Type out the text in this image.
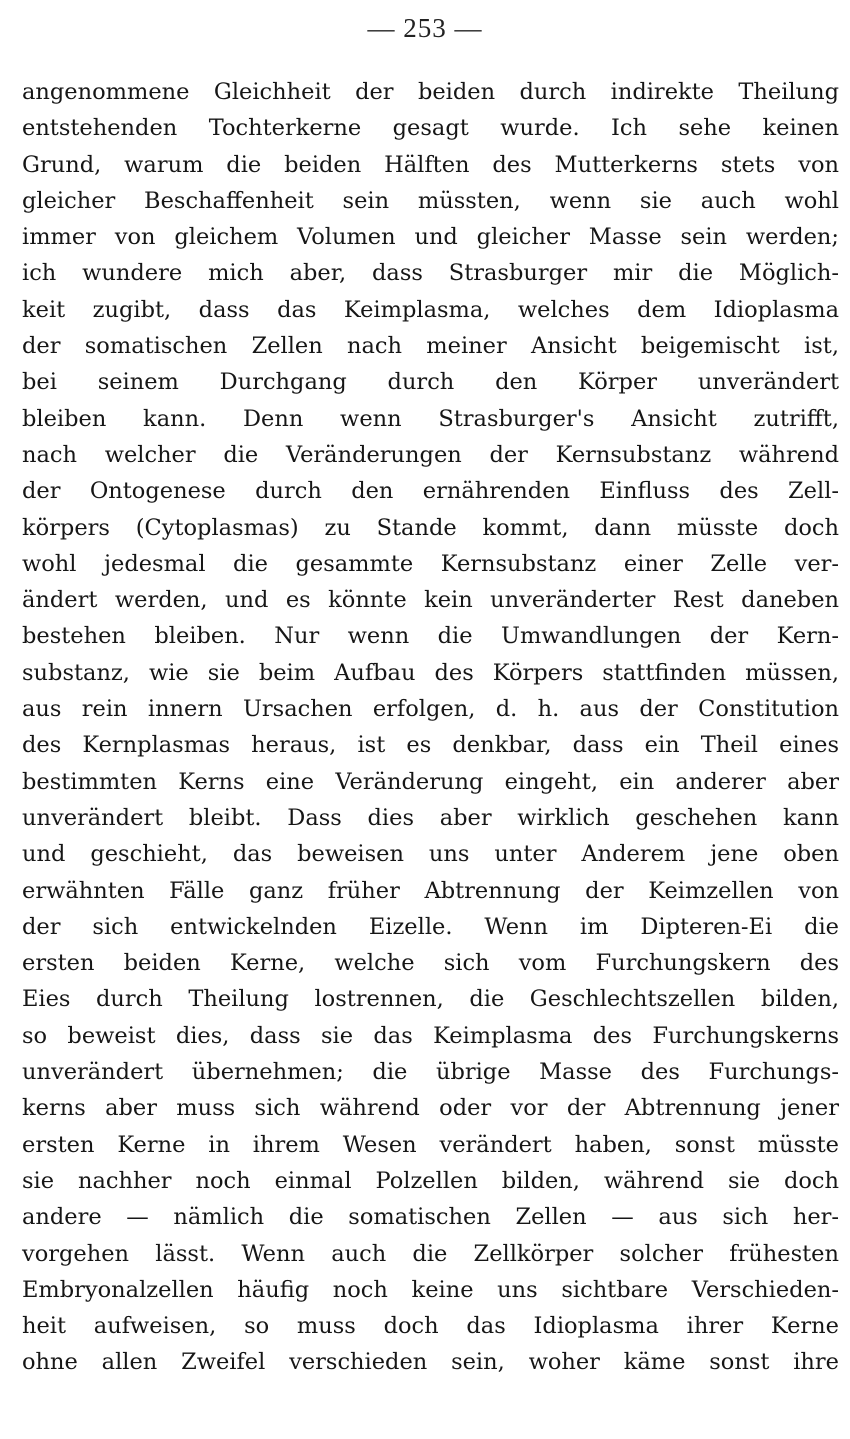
— 253 —
angenommene Gleichheit der beiden durch indirekte Theilung
entstehenden Tochterkerne gesagt wurde. Ich sehe keinen
Grund, warum die beiden Hälften des Mutterkerns stets von
gleicher Beschaffenheit sein müssten, wenn sie auch wohl
immer von gleichem Volumen und gleicher Masse sein werden;
ich wundere mich aber, dass Strasburger mir die Möglich-
keit zugibt, dass das Keimplasma, welches dem Idioplasma
der somatischen Zellen nach meiner Ansicht beigemischt ist,
bei seinem Durchgang durch den Körper unverändert
bleiben kann. Denn wenn Strasburger's Ansicht zutrifft,
nach welcher die Veränderungen der Kernsubstanz während
der Ontogenese durch den ernährenden Einfluss des Zell-
körpers (Cytoplasmas) zu Stande kommt, dann müsste doch
wohl jedesmal die gesammte Kernsubstanz einer Zelle ver-
ändert werden, und es könnte kein unveränderter Rest daneben
bestehen bleiben. Nur wenn die Umwandlungen der Kern-
substanz, wie sie beim Aufbau des Körpers stattfinden müssen,
aus rein innern Ursachen erfolgen, d. h. aus der Constitution
des Kernplasmas heraus, ist es denkbar, dass ein Theil eines
bestimmten Kerns eine Veränderung eingeht, ein anderer aber
unverändert bleibt. Dass dies aber wirklich geschehen kann
und geschieht, das beweisen uns unter Anderem jene oben
erwähnten Fälle ganz früher Abtrennung der Keimzellen von
der sich entwickelnden Eizelle. Wenn im Dipteren-Ei die
ersten beiden Kerne, welche sich vom Furchungskern des
Eies durch Theilung lostrennen, die Geschlechtszellen bilden,
so beweist dies, dass sie das Keimplasma des Furchungskerns
unverändert übernehmen; die übrige Masse des Furchungs-
kerns aber muss sich während oder vor der Abtrennung jener
ersten Kerne in ihrem Wesen verändert haben, sonst müsste
sie nachher noch einmal Polzellen bilden, während sie doch
andere — nämlich die somatischen Zellen — aus sich her-
vorgehen lässt. Wenn auch die Zellkörper solcher frühesten
Embryonalzellen häufig noch keine uns sichtbare Verschieden-
heit aufweisen, so muss doch das Idioplasma ihrer Kerne
ohne allen Zweifel verschieden sein, woher käme sonst ihre
